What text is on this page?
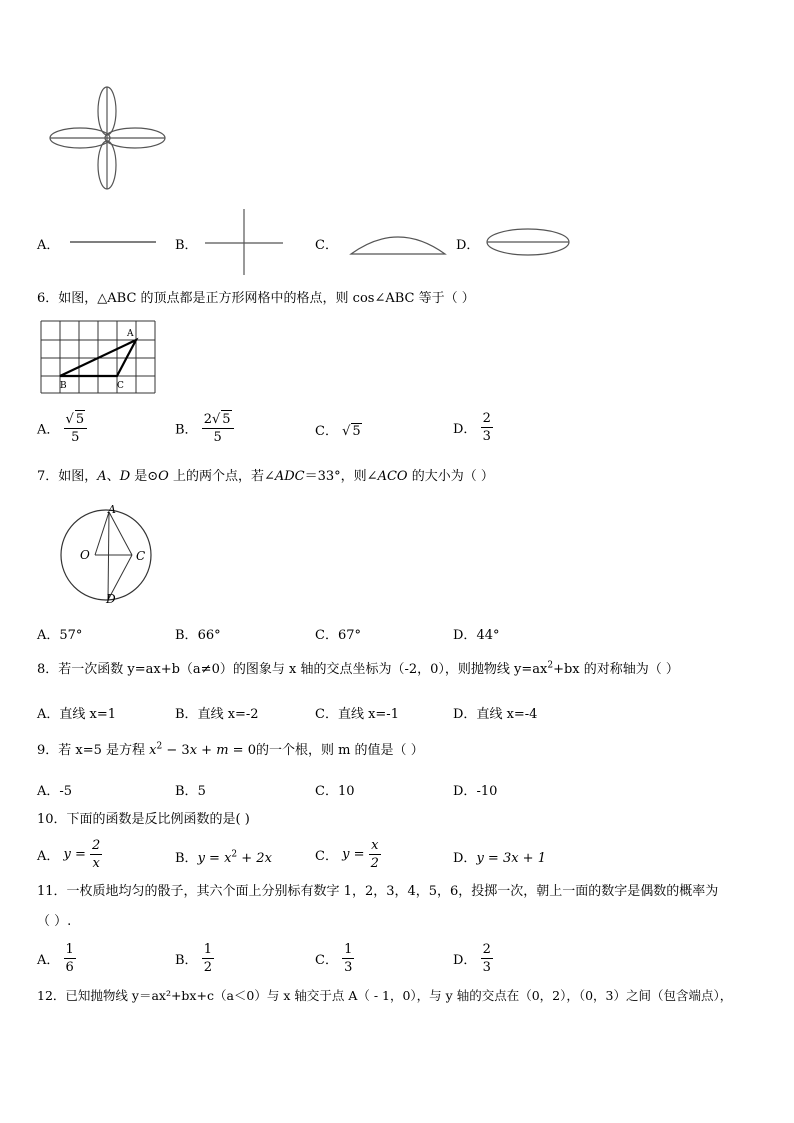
A．	B．	C．	D．
6．如图，△ABC 的顶点都是正方形网格中的格点，则 cos∠ABC 等于（ ）
A
B	C
A． $\frac{√ 5}{5}$	B． $\frac{2√ 5}{5}$	C． √ 5	D． $\frac{2}{3}$
7．如图，A、D 是⊙O 上的两个点，若∠ADC＝33°，则∠ACO 的大小为（ ）
A
O	C
D
A．57°	B．66°	C．67°	D．44°
8．若一次函数 y=ax+b（a≠0）的图象与 x 轴的交点坐标为（-2，0），则抛物线 $y=ax^2+bx$ 的对称轴为（ ）
A．直线 x=1	B．直线 x=-2	C．直线 x=-1	D．直线 x=-4
9．若 x=5 是方程 $x^2 - 3x + m = 0$的一个根，则 m 的值是（ ）
A．-5	B．5	C．10	D．-10
10．下面的函数是反比例函数的是( )
A． $y = \frac{2}{x}$	B．$y = x^2 + 2x$	C． $y = \frac{x}{2}$	D．y = 3x + 1
11．一枚质地均匀的骰子，其六个面上分别标有数字 1，2，3，4，5，6，投掷一次，朝上一面的数字是偶数的概率为
（ ）.
A． $\frac{1}{6}$	B． $\frac{1}{2}$	C． $\frac{1}{3}$	D． $\frac{2}{3}$
12．已知抛物线 y＝ax²+bx+c（a＜0）与 x 轴交于点 A（ - 1，0），与 y 轴的交点在（0，2），（0，3）之间（包含端点），
